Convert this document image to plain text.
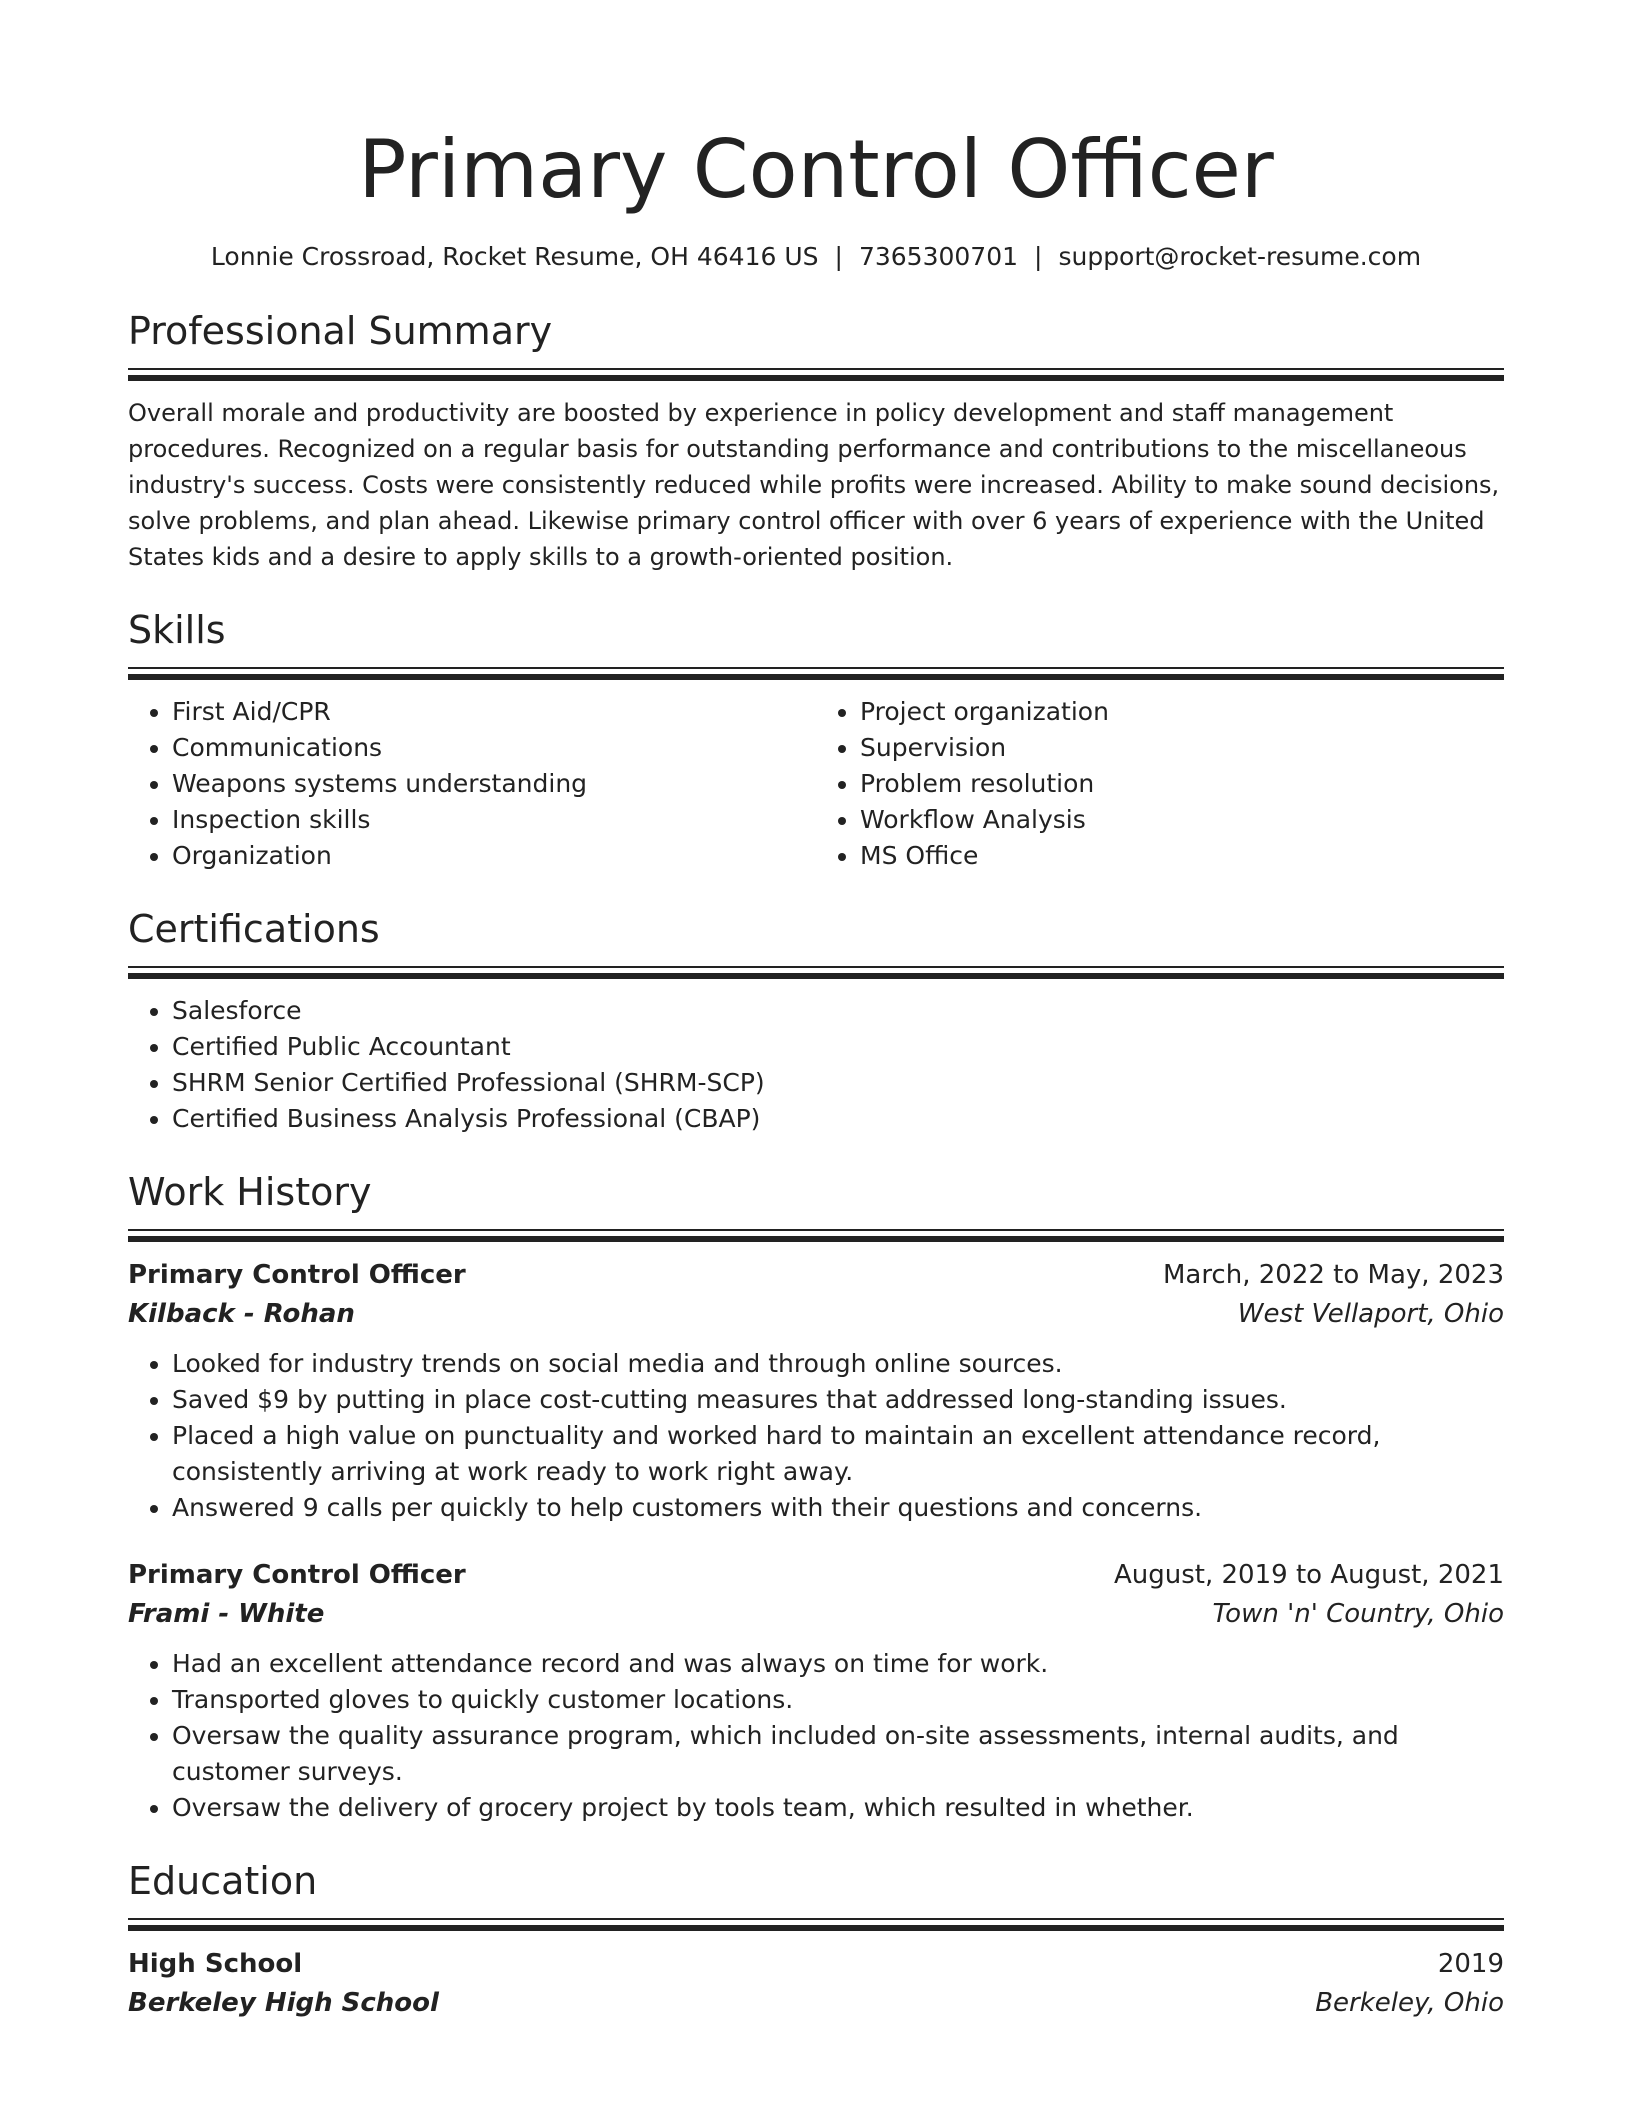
Primary Control Officer
Lonnie Crossroad, Rocket Resume, OH 46416 US | 7365300701 | support@rocket-resume.com
Professional Summary

Overall morale and productivity are boosted by experience in policy development and staff management procedures. Recognized on a regular basis for outstanding performance and contributions to the miscellaneous industry's success. Costs were consistently reduced while profits were increased. Ability to make sound decisions, solve problems, and plan ahead. Likewise primary control officer with over 6 years of experience with the United States kids and a desire to apply skills to a growth-oriented position.

Skills
• First Aid/CPR
• Communications
• Weapons systems understanding
• Inspection skills
• Organization
• Project organization
• Supervision
• Problem resolution
• Workflow Analysis
• MS Office
Certifications
• Salesforce
• Certified Public Accountant
• SHRM Senior Certified Professional (SHRM-SCP)
• Certified Business Analysis Professional (CBAP)
Work History
Primary Control Officer	March, 2022 to May, 2023
Kilback - Rohan	West Vellaport, Ohio
• Looked for industry trends on social media and through online sources.
• Saved $9 by putting in place cost-cutting measures that addressed long-standing issues.
• Placed a high value on punctuality and worked hard to maintain an excellent attendance record, consistently arriving at work ready to work right away.
• Answered 9 calls per quickly to help customers with their questions and concerns.
Primary Control Officer	August, 2019 to August, 2021
Frami - White	Town 'n' Country, Ohio
• Had an excellent attendance record and was always on time for work.
• Transported gloves to quickly customer locations.
• Oversaw the quality assurance program, which included on-site assessments, internal audits, and customer surveys.
• Oversaw the delivery of grocery project by tools team, which resulted in whether.
Education
High School	2019
Berkeley High School	Berkeley, Ohio
